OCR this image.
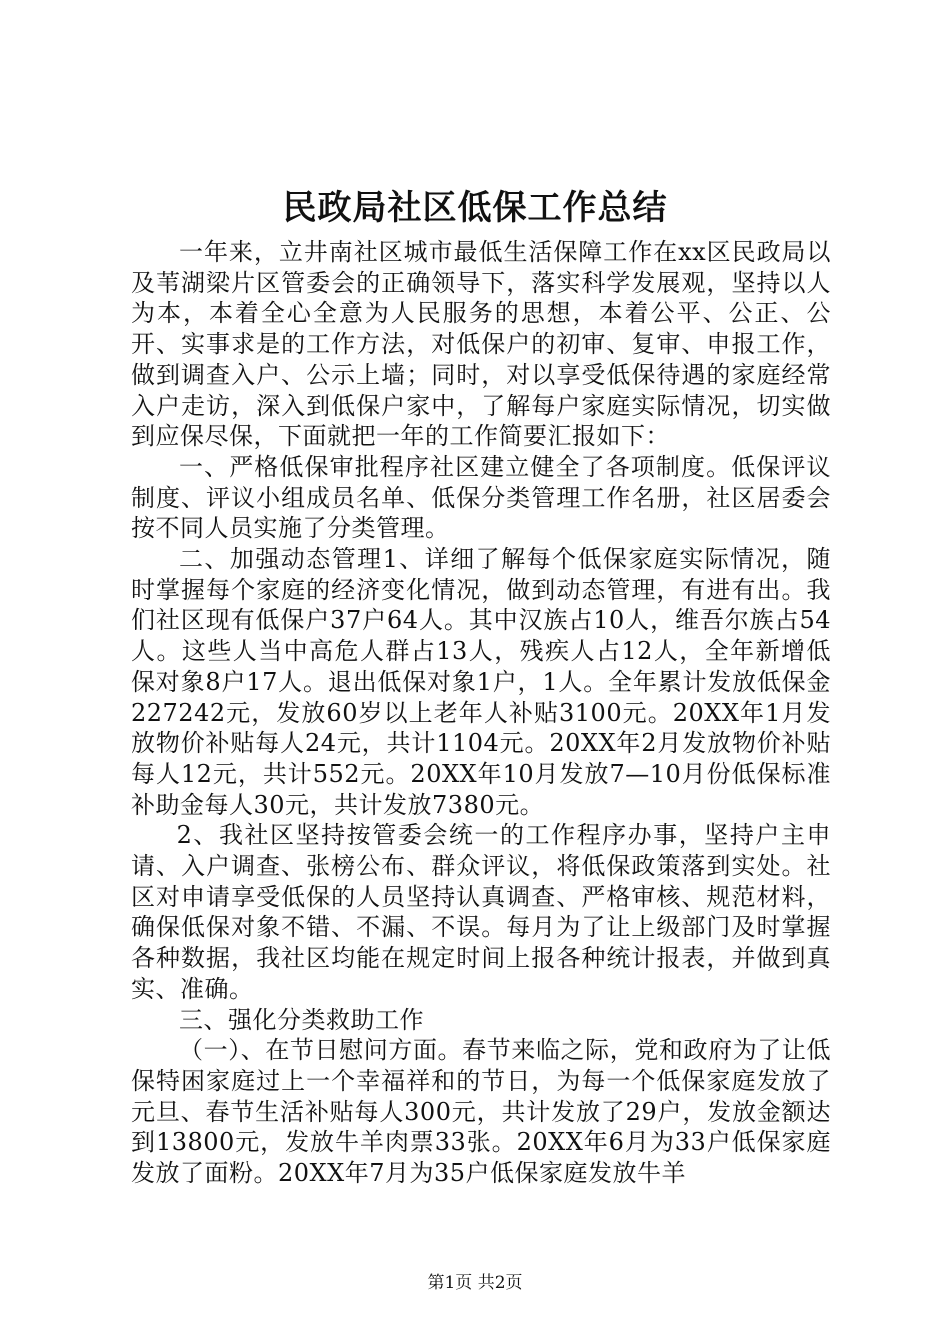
民政局社区低保工作总结

一年来，立井南社区城市最低生活保障工作在xx区民政局以及苇湖梁片区管委会的正确领导下，落实科学发展观，坚持以人为本，本着全心全意为人民服务的思想，本着公平、公正、公开、实事求是的工作方法，对低保户的初审、复审、申报工作，做到调查入户、公示上墙；同时，对以享受低保待遇的家庭经常入户走访，深入到低保户家中，了解每户家庭实际情况，切实做到应保尽保，下面就把一年的工作简要汇报如下：

一、严格低保审批程序社区建立健全了各项制度。低保评议制度、评议小组成员名单、低保分类管理工作名册，社区居委会按不同人员实施了分类管理。

二、加强动态管理1、详细了解每个低保家庭实际情况，随时掌握每个家庭的经济变化情况，做到动态管理，有进有出。我们社区现有低保户37户64人。其中汉族占10人，维吾尔族占54人。这些人当中高危人群占13人，残疾人占12人，全年新增低保对象8户17人。退出低保对象1户，1人。全年累计发放低保金227242元，发放60岁以上老年人补贴3100元。20XX年1月发放物价补贴每人24元，共计1104元。20XX年2月发放物价补贴每人12元，共计552元。20XX年10月发放7—10月份低保标准补助金每人30元，共计发放7380元。

2、我社区坚持按管委会统一的工作程序办事，坚持户主申请、入户调查、张榜公布、群众评议，将低保政策落到实处。社区对申请享受低保的人员坚持认真调查、严格审核、规范材料，确保低保对象不错、不漏、不误。每月为了让上级部门及时掌握各种数据，我社区均能在规定时间上报各种统计报表，并做到真实、准确。

三、强化分类救助工作

（一）、在节日慰问方面。春节来临之际，党和政府为了让低保特困家庭过上一个幸福祥和的节日，为每一个低保家庭发放了元旦、春节生活补贴每人300元，共计发放了29户，发放金额达到13800元，发放牛羊肉票33张。20XX年6月为33户低保家庭发放了面粉。20XX年7月为35户低保家庭发放牛羊

第1页 共2页
